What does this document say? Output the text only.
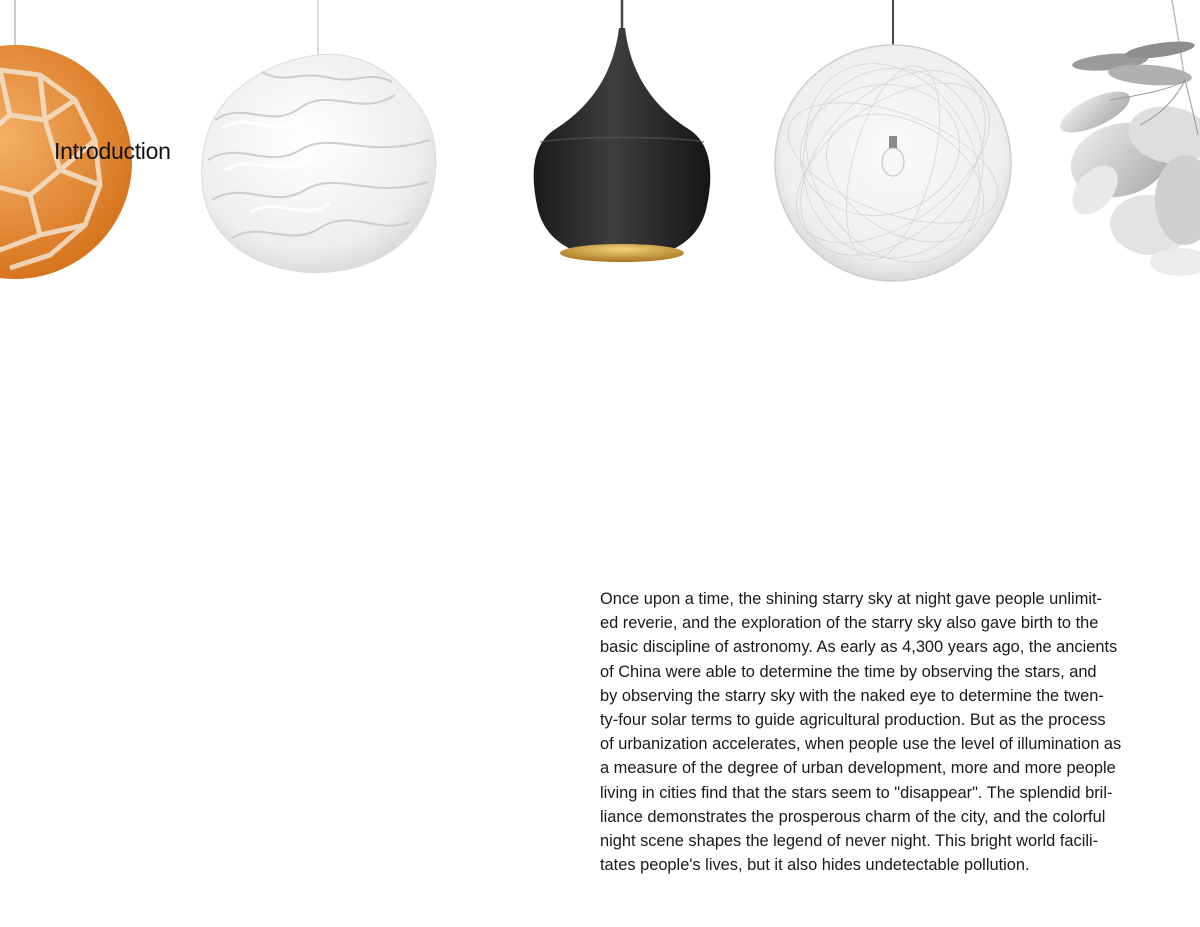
Introduction

Once upon a time, the shining starry sky at night gave people unlimit-
ed reverie, and the exploration of the starry sky also gave birth to the
basic discipline of astronomy. As early as 4,300 years ago, the ancients
of China were able to determine the time by observing the stars, and
by observing the starry sky with the naked eye to determine the twen-
ty-four solar terms to guide agricultural production. But as the process
of urbanization accelerates, when people use the level of illumination as
a measure of the degree of urban development, more and more people
living in cities find that the stars seem to "disappear". The splendid bril-
liance demonstrates the prosperous charm of the city, and the colorful
night scene shapes the legend of never night. This bright world facili-
tates people's lives, but it also hides undetectable pollution.
